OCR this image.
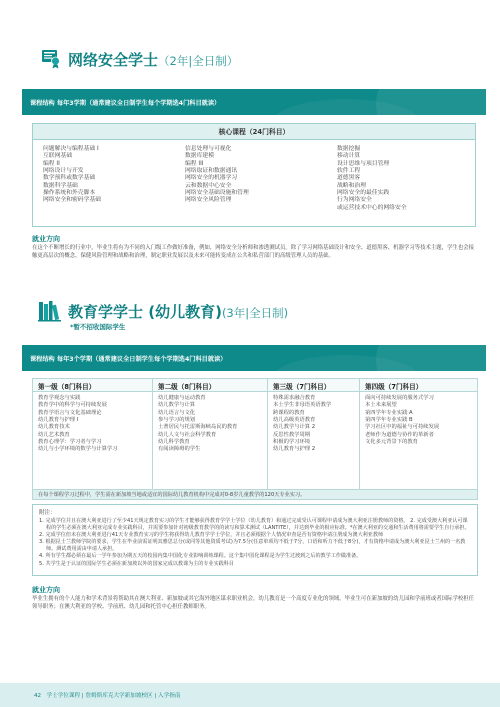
网络安全学士（2年|全日制）
课程结构 每年3学期（通常建议全日制学生每个学期选4门科目就读）
核心课程（24门科目）
问题解决与编程基础 I
互联网基础
编程 II
网络设计与开发
数学预科或数学基础
数据科学基础
操作系统和外壳脚本
网络安全和密码学基础
信息处理与可视化
数据库建模
编程 III
网络取证和数据通讯
网络安全的机器学习
云和数据中心安全
网络安全基础设施和管理
网络安全风险管理
数据挖掘
移动计算
设计思维与项目管理
软件工程
道德黑客
战略和治理
网络安全的最佳实践
行为网络安全
或运营技术中心的网络安全
就业方向
在这个不断增长的行业中，毕业生将有为不同的入门级工作做好准备，例如，网络安全分析师和渗透测试员。除了学习网络基础设计和安全、道德黑客、机器学习等技术主题，学生也会接触更高层次的概念，保健风险管理和战略和治理，制定职业发展以及未来可能转变成在公共和私营部门的高级管理人员的基础。
教育学学士 (幼儿教育)(3年|全日制)
*暂不招收国际学生
课程结构 每年3个学期（通常建议全日制学生每个学期选4门科目就读）
第一级（8门科目）
教育学观念与实践
教育学中的科学与可持续发展
教育学语言与文化基础理论
幼儿教育与护理 I
幼儿教育技术
幼儿艺术教育
教育心理学：学习者与学习
幼儿与小学环境的数学与计算学习
第二级（8门科目）
幼儿健康与运动教育
幼儿数学与计算
幼儿语言与文化
参与学习的规划
土著居民与托雷斯海峡岛民的教育
幼儿人文与社会科学教育
幼儿科学教育
有阅读障碍的学生
第三级（7门科目）
特殊需求融合教育
本土学生非母语英语教学
跨课程的教育
幼儿高级英语教育
幼儿教学与计算 2
反思性教学周期
积极的学习环境
幼儿教育与护理 2
第四级（7门科目）
面向可持续发展的服务式学习
本土未来展望
第四学年专业实践 A
第四学年专业实践 B
学习社区中的福祉与可持续发展
老师作为道德与协作的革新者
文化多元背景下的教育
在每个课程学习过程中，学生需在新加坡当地或适宜的国际幼儿教育机构中完成对0-8岁儿童教学的120天专业实习。
附注：
1. 完成学位并且在澳大利亚进行了至少41天规定教育实习的学生才能够获得教育学学士学位（幼儿教育）和通过完成受认可课程申请成为澳大利亚注册教师的资格。 2. 完成受澳大利亚认可课程的学生必须在澳大利亚完成专业实践科目，并需要参加针对初级教育教学的的读写和算术测试（LANTITE），并达到毕业的相应标准。*在澳大利亚的交通和生活费用将需要学生自行承担。
2. 完成学位但未在澳大利亚进行41天专业教育实习的学生将获得幼儿教育学学士学位，并且必须根据个人情况审查是否有资格申请注册成为澳大利亚教师
3. 根据昆士兰教师学院的要求，学生在毕业前需证明其雅思总分(或同等其他资质考试)为7.5分(任意单项均不低于7分，口语和听力不低于8分)，才有资格申请成为澳大利亚昆士兰州的一名教师。测试费用需由申请人承担。
4. 所有学生都必须在最后一学年参加为期五天的校园内集中国化专业影响训练课程。这个集中国化课程是为学生过渡到之后的教学工作做准备。
5. 共学生是于认证的国际学生必须在新加坡以外的国家完成以教课为主的专业实践科目
就业方向
毕业生拥有的个人能力和学术背景将帮助其在澳大利亚、新加坡或其它海外地区谋求职业机会。幼儿教育是一个高度专业化的领域。毕业生可在新加坡的幼儿园和学前班或者国际学校担任领导职务；在澳大利亚的学校、学前班、幼儿园和托管中心担任教师职务。
42 学士学位课程 | 詹姆斯库克大学新加坡校区 | 入学指南
